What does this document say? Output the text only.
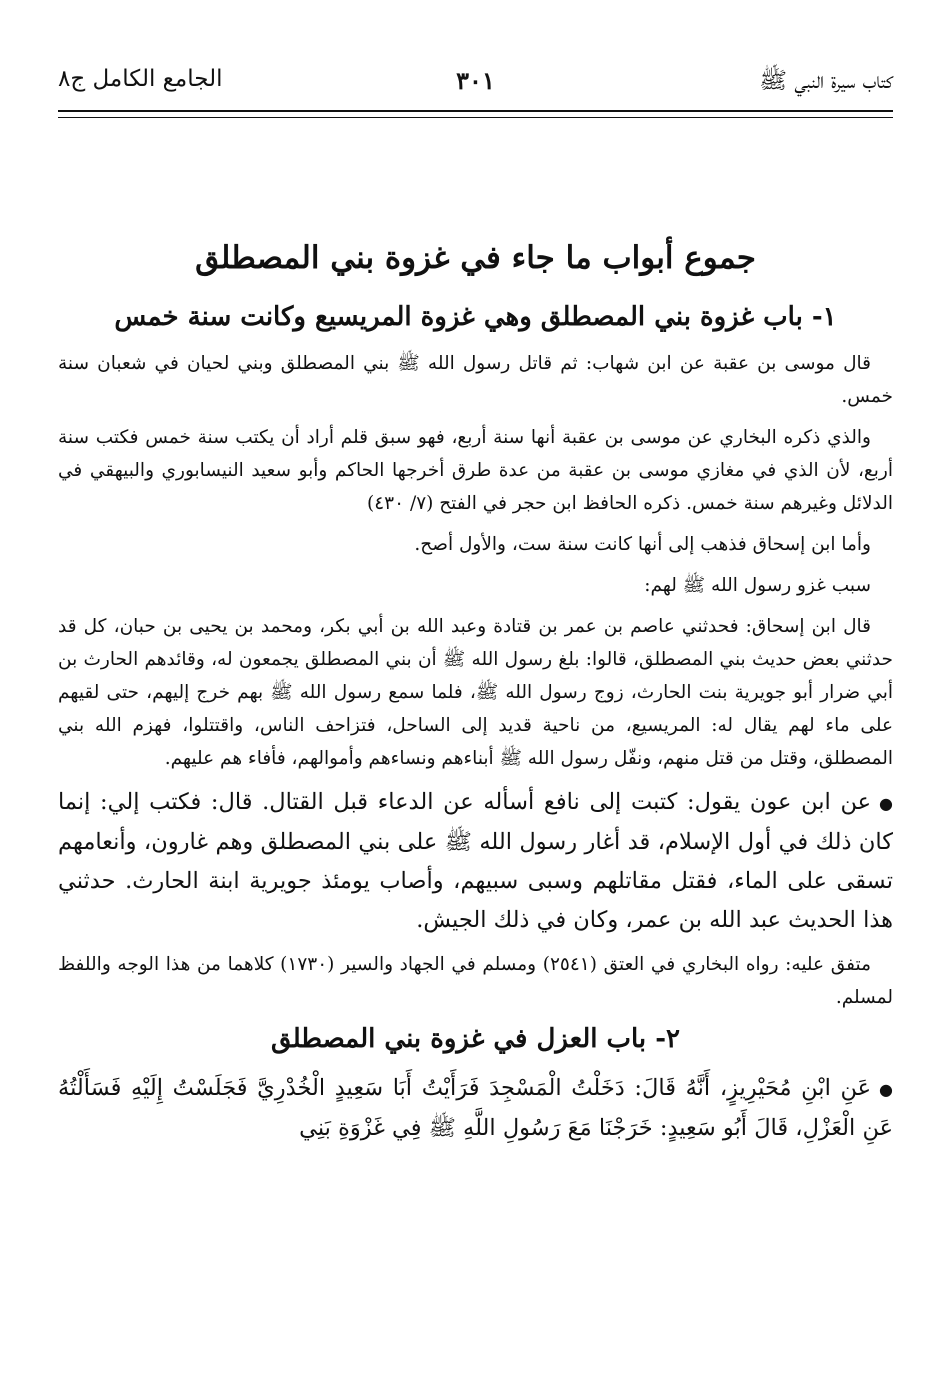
كتاب سيرة النبي ﷺ
٣٠١
الجامع الكامل ج٨
جموع أبواب ما جاء في غزوة بني المصطلق
١- باب غزوة بني المصطلق وهي غزوة المريسيع وكانت سنة خمس

قال موسى بن عقبة عن ابن شهاب: ثم قاتل رسول الله ﷺ بني المصطلق وبني لحيان في شعبان سنة خمس.

والذي ذكره البخاري عن موسى بن عقبة أنها سنة أربع، فهو سبق قلم أراد أن يكتب سنة خمس فكتب سنة أربع، لأن الذي في مغازي موسى بن عقبة من عدة طرق أخرجها الحاكم وأبو سعيد النيسابوري والبيهقي في الدلائل وغيرهم سنة خمس. ذكره الحافظ ابن حجر في الفتح (٧/ ٤٣٠)

وأما ابن إسحاق فذهب إلى أنها كانت سنة ست، والأول أصح.

سبب غزو رسول الله ﷺ لهم:

قال ابن إسحاق: فحدثني عاصم بن عمر بن قتادة وعبد الله بن أبي بكر، ومحمد بن يحيى بن حبان، كل قد حدثني بعض حديث بني المصطلق، قالوا: بلغ رسول الله ﷺ أن بني المصطلق يجمعون له، وقائدهم الحارث بن أبي ضرار أبو جويرية بنت الحارث، زوج رسول الله ﷺ، فلما سمع رسول الله ﷺ بهم خرج إليهم، حتى لقيهم على ماء لهم يقال له: المريسيع، من ناحية قديد إلى الساحل، فتزاحف الناس، واقتتلوا، فهزم الله بني المصطلق، وقتل من قتل منهم، ونفّل رسول الله ﷺ أبناءهم ونساءهم وأموالهم، فأفاء هم عليهم.

●عن ابن عون يقول: كتبت إلى نافع أسأله عن الدعاء قبل القتال. قال: فكتب إلي: إنما كان ذلك في أول الإسلام، قد أغار رسول الله ﷺ على بني المصطلق وهم غارون، وأنعامهم تسقى على الماء، فقتل مقاتلهم وسبى سبيهم، وأصاب يومئذ جويرية ابنة الحارث. حدثني هذا الحديث عبد الله بن عمر، وكان في ذلك الجيش.

متفق عليه: رواه البخاري في العتق (٢٥٤١) ومسلم في الجهاد والسير (١٧٣٠) كلاهما من هذا الوجه واللفظ لمسلم.

٢- باب العزل في غزوة بني المصطلق

●عَنِ ابْنِ مُحَيْرِيزٍ، أَنَّهُ قَالَ: دَخَلْتُ الْمَسْجِدَ فَرَأَيْتُ أَبَا سَعِيدٍ الْخُدْرِيَّ فَجَلَسْتُ إِلَيْهِ فَسَأَلْتُهُ عَنِ الْعَزْلِ، قَالَ أَبُو سَعِيدٍ: خَرَجْنَا مَعَ رَسُولِ اللَّهِ ﷺ فِي غَزْوَةِ بَنِي
